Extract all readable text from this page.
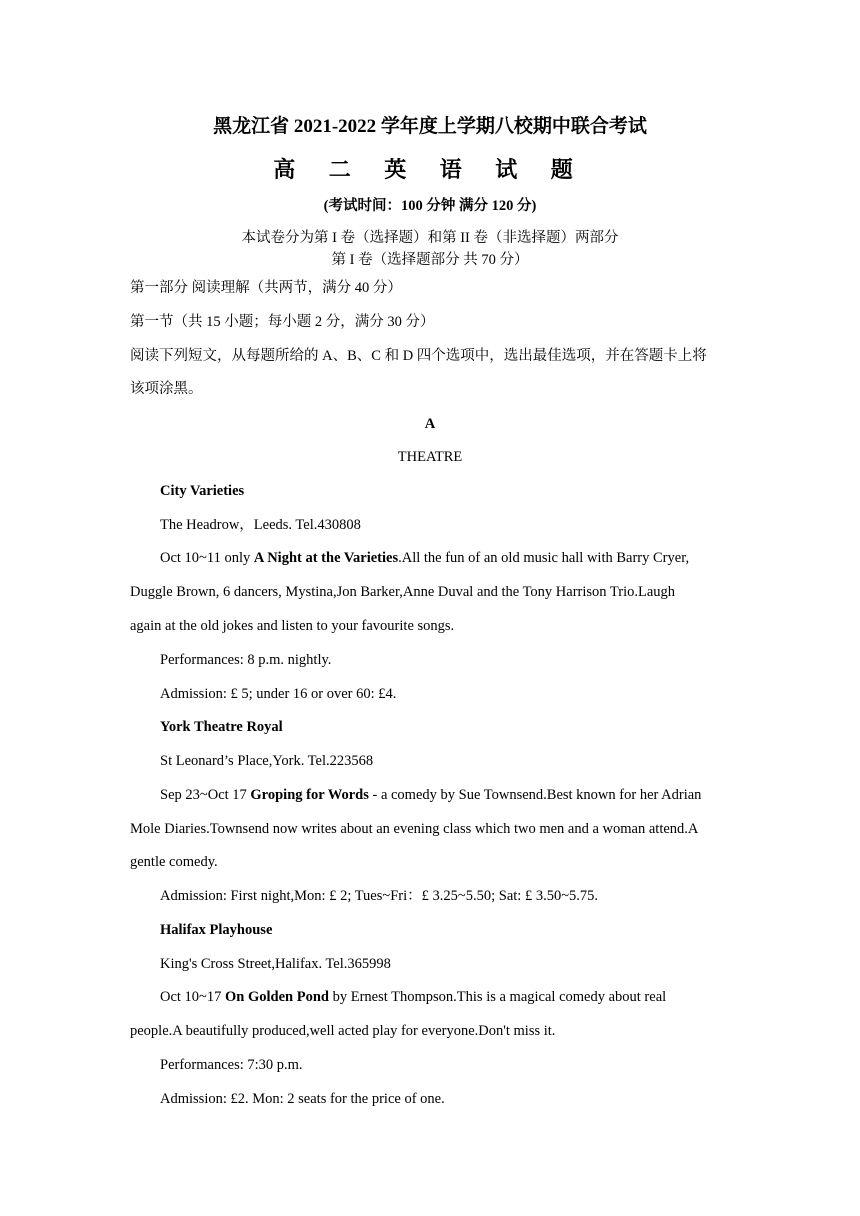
黑龙江省 2021-2022 学年度上学期八校期中联合考试
高 二 英 语 试 题
(考试时间：100 分钟 满分 120 分)
本试卷分为第 I 卷（选择题）和第 II 卷（非选择题）两部分
第 I 卷（选择题部分 共 70 分）
第一部分 阅读理解（共两节，满分 40 分）
第一节（共 15 小题；每小题 2 分，满分 30 分）
阅读下列短文，从每题所给的 A、B、C 和 D 四个选项中，选出最佳选项，并在答题卡上将
该项涂黑。
A
THEATRE
City Varieties
The Headrow，Leeds. Tel.430808
Oct 10~11 only A Night at the Varieties.All the fun of an old music hall with Barry Cryer,
Duggle Brown, 6 dancers, Mystina,Jon Barker,Anne Duval and the Tony Harrison Trio.Laugh
again at the old jokes and listen to your favourite songs.
Performances: 8 p.m. nightly.
Admission: £ 5; under 16 or over 60: £4.
York Theatre Royal
St Leonard’s Place,York. Tel.223568
Sep 23~Oct 17 Groping for Words - a comedy by Sue Townsend.Best known for her Adrian
Mole Diaries.Townsend now writes about an evening class which two men and a woman attend.A
gentle comedy.
Admission: First night,Mon: £ 2; Tues~Fri：£ 3.25~5.50; Sat: £ 3.50~5.75.
Halifax Playhouse
King's Cross Street,Halifax. Tel.365998
Oct 10~17 On Golden Pond by Ernest Thompson.This is a magical comedy about real
people.A beautifully produced,well acted play for everyone.Don't miss it.
Performances: 7:30 p.m.
Admission: £2. Mon: 2 seats for the price of one.
